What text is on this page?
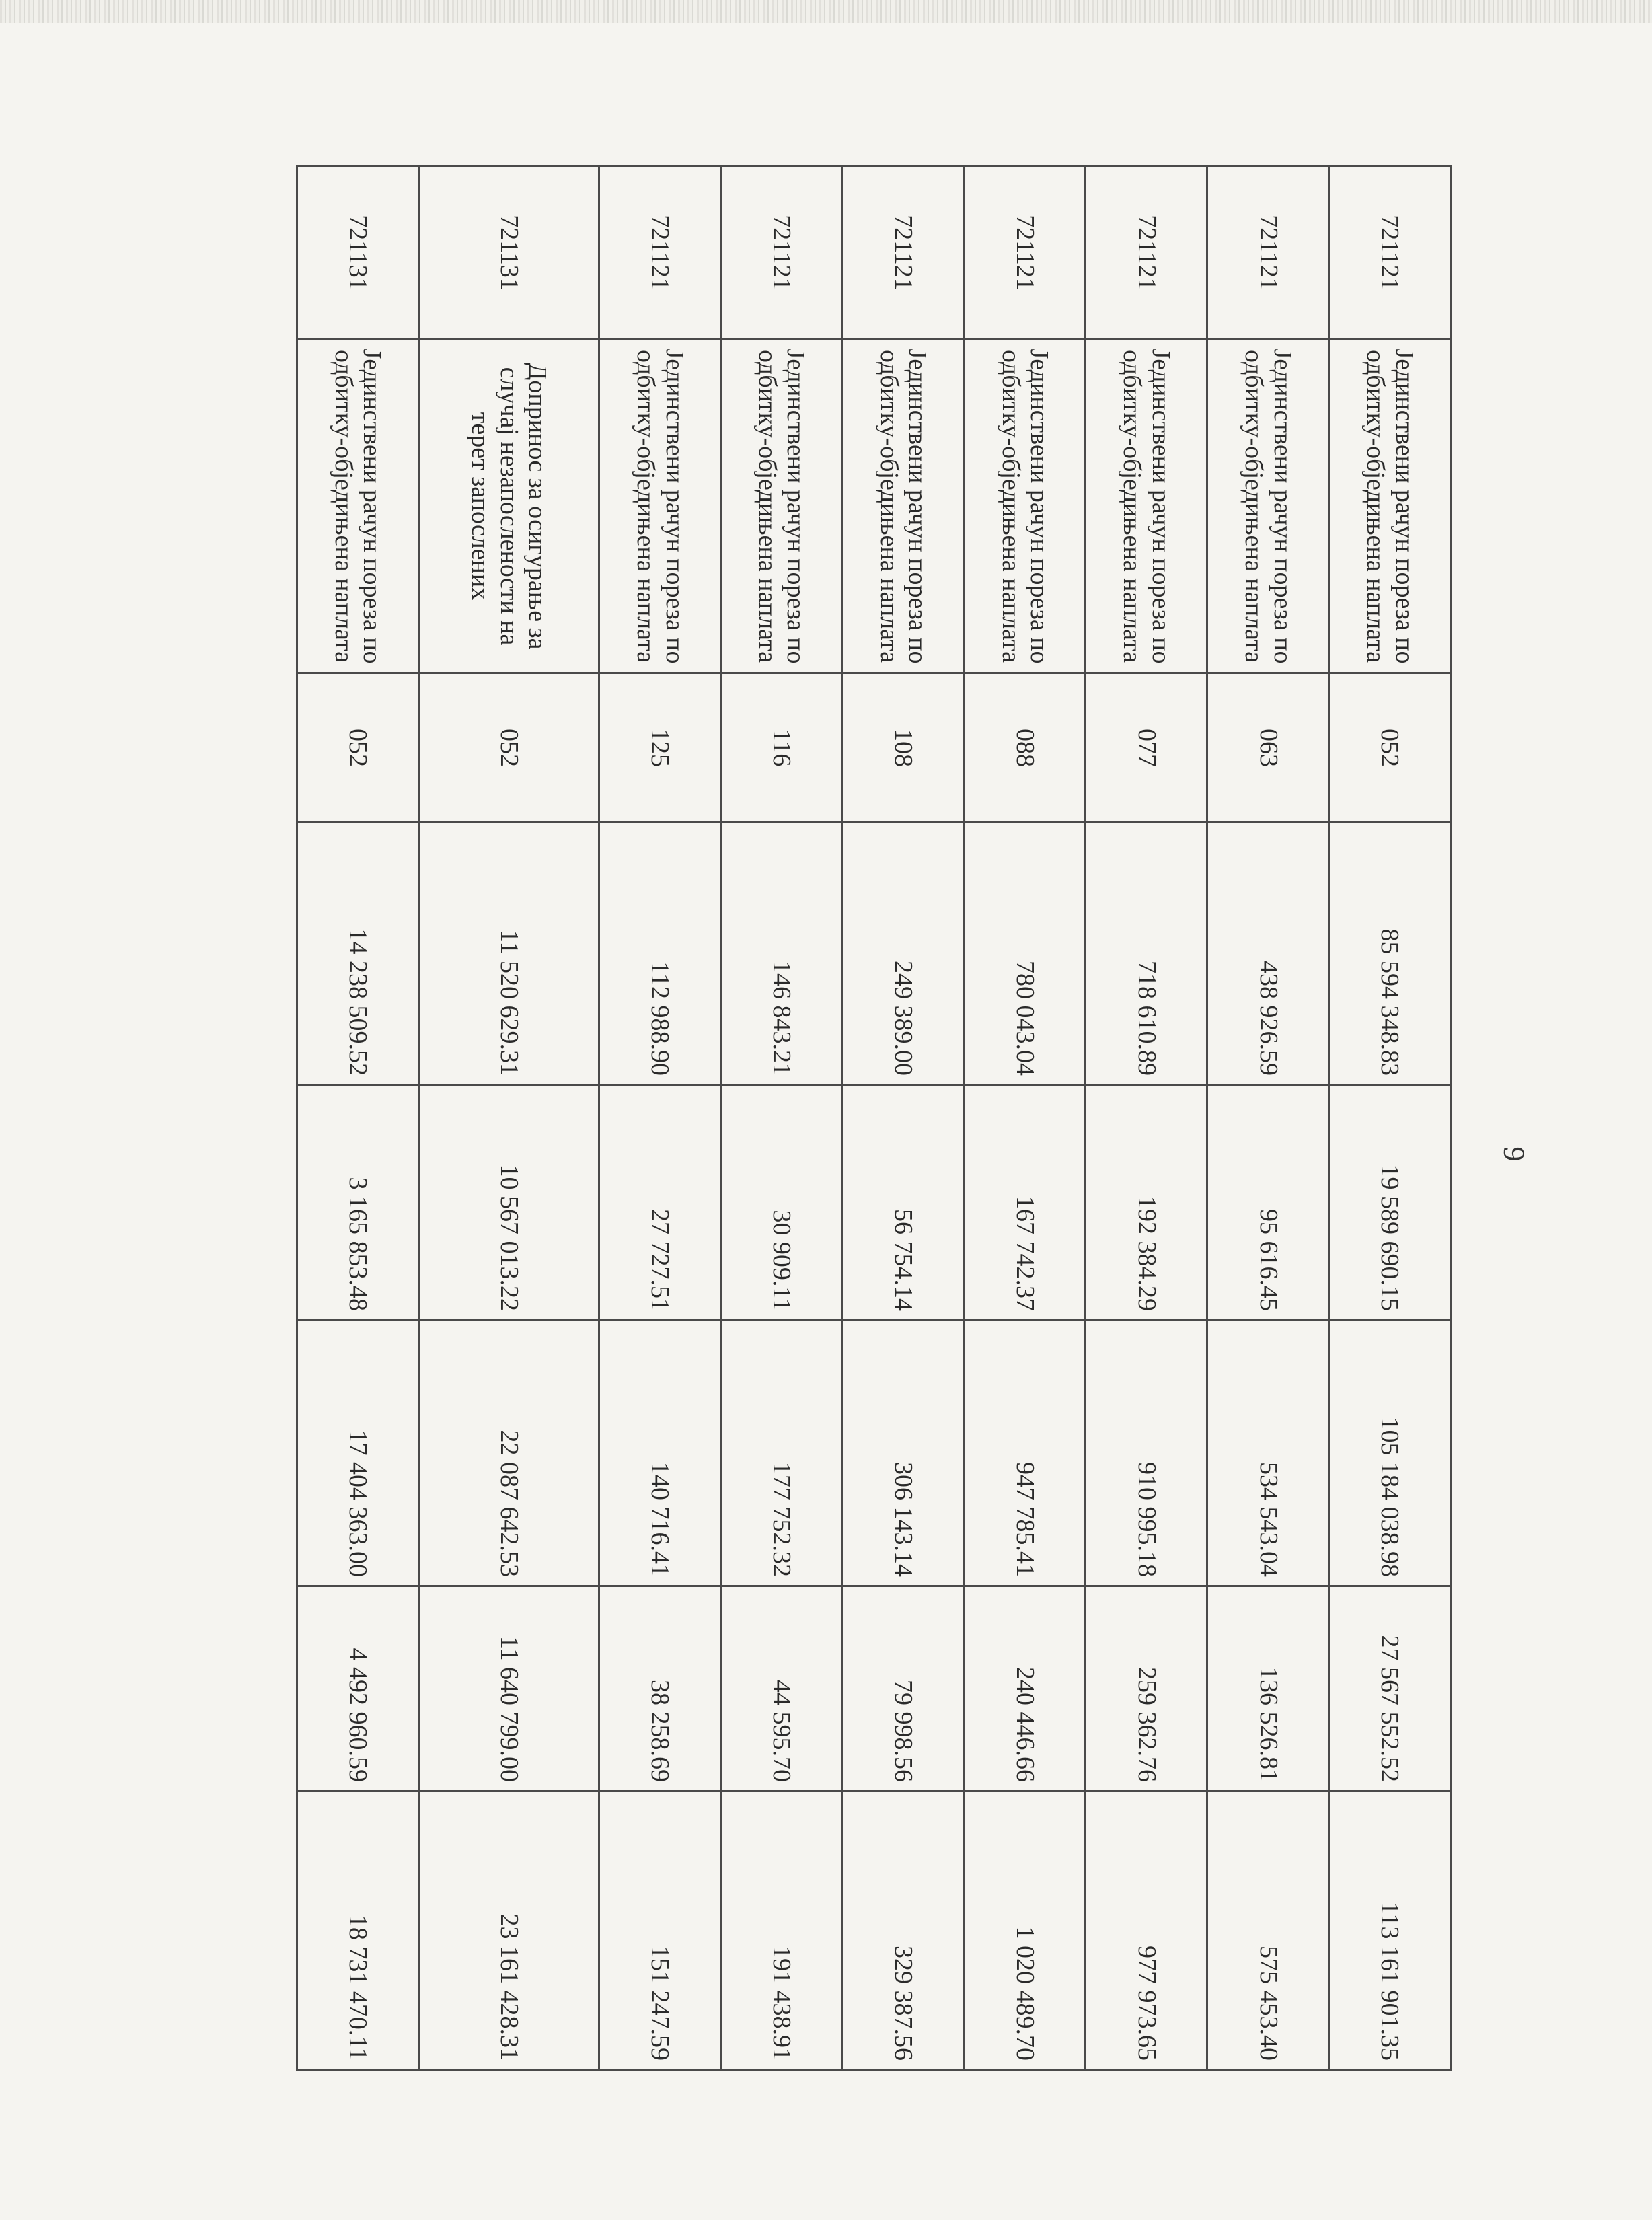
9
721121	Јединствени рачун пореза по одбитку-обједињена наплата	052	85 594 348.83	19 589 690.15	105 184 038.98	27 567 552.52	113 161 901.35
721121	Јединствени рачун пореза по одбитку-обједињена наплата	063	438 926.59	95 616.45	534 543.04	136 526.81	575 453.40
721121	Јединствени рачун пореза по одбитку-обједињена наплата	077	718 610.89	192 384.29	910 995.18	259 362.76	977 973.65
721121	Јединствени рачун пореза по одбитку-обједињена наплата	088	780 043.04	167 742.37	947 785.41	240 446.66	1 020 489.70
721121	Јединствени рачун пореза по одбитку-обједињена наплата	108	249 389.00	56 754.14	306 143.14	79 998.56	329 387.56
721121	Јединствени рачун пореза по одбитку-обједињена наплата	116	146 843.21	30 909.11	177 752.32	44 595.70	191 438.91
721121	Јединствени рачун пореза по одбитку-обједињена наплата	125	112 988.90	27 727.51	140 716.41	38 258.69	151 247.59
721131	Допринос за осигурање за случај незапослености на терет запослених	052	11 520 629.31	10 567 013.22	22 087 642.53	11 640 799.00	23 161 428.31
721131	Јединствени рачун пореза по одбитку-обједињена наплата	052	14 238 509.52	3 165 853.48	17 404 363.00	4 492 960.59	18 731 470.11
